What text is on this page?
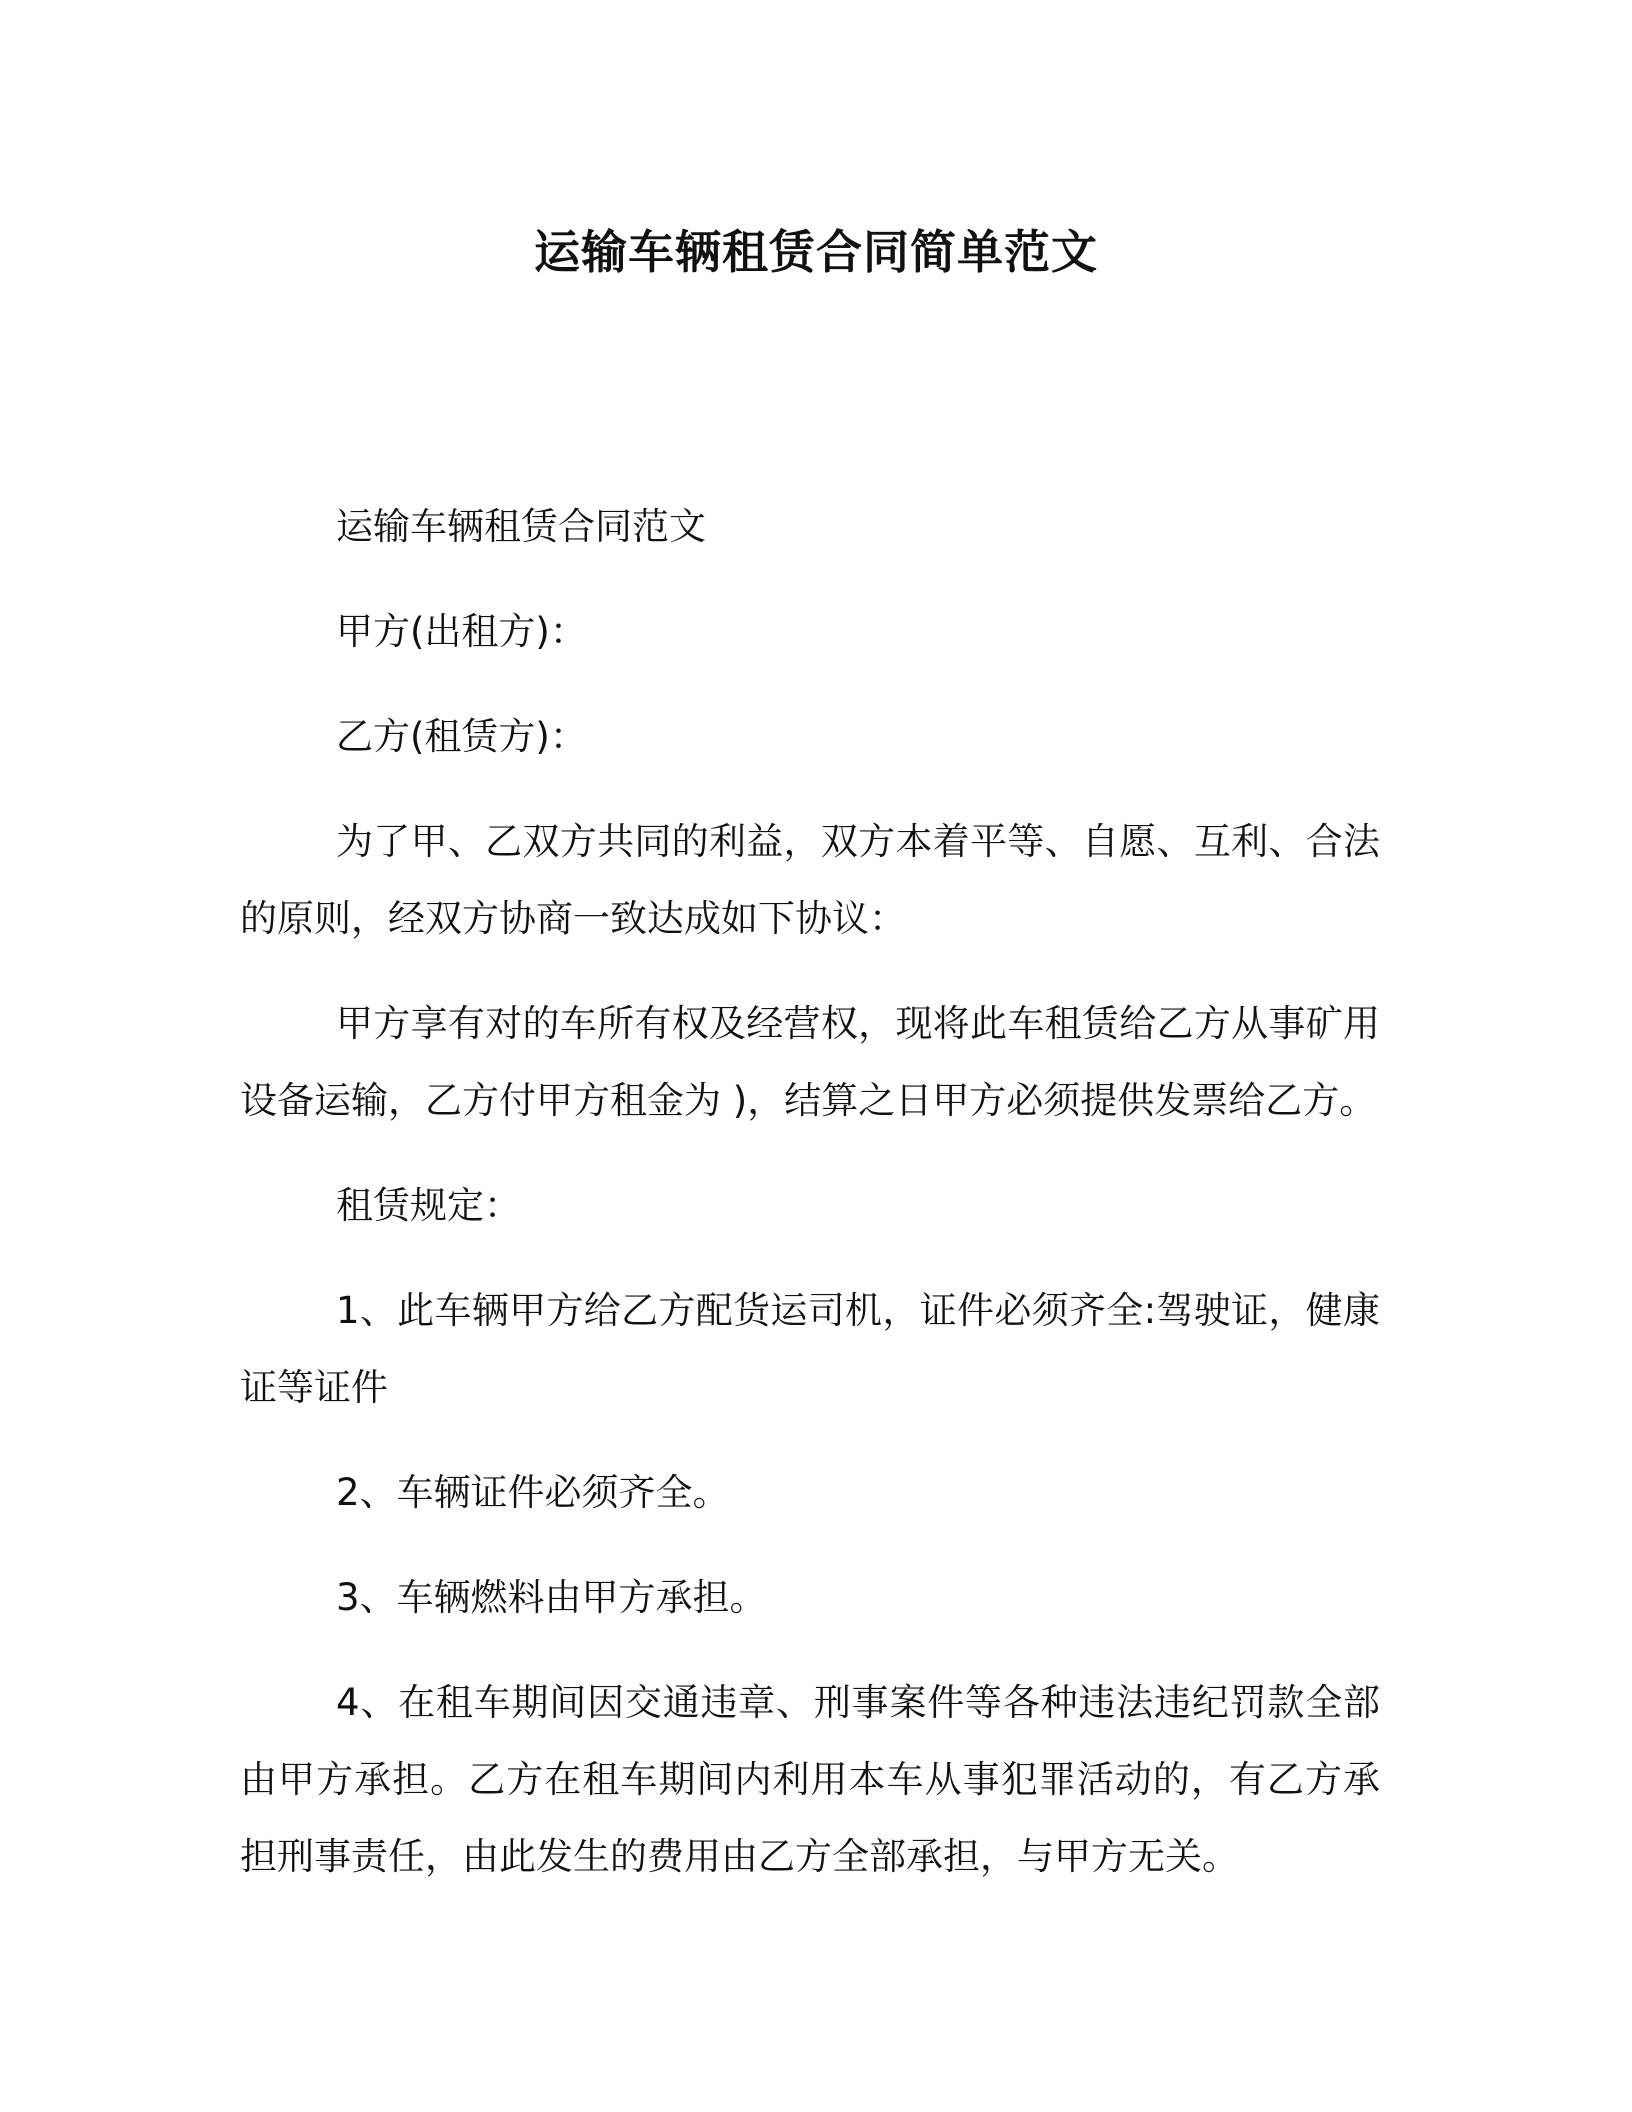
运输车辆租赁合同简单范文

运输车辆租赁合同范文

甲方(出租方)：

乙方(租赁方)：

为了甲、乙双方共同的利益，双方本着平等、自愿、互利、合法的原则，经双方协商一致达成如下协议：

甲方享有对的车所有权及经营权，现将此车租赁给乙方从事矿用设备运输，乙方付甲方租金为 )，结算之日甲方必须提供发票给乙方。

租赁规定：

1、此车辆甲方给乙方配货运司机，证件必须齐全:驾驶证，健康证等证件

2、车辆证件必须齐全。

3、车辆燃料由甲方承担。

4、在租车期间因交通违章、刑事案件等各种违法违纪罚款全部由甲方承担。乙方在租车期间内利用本车从事犯罪活动的，有乙方承担刑事责任，由此发生的费用由乙方全部承担，与甲方无关。
